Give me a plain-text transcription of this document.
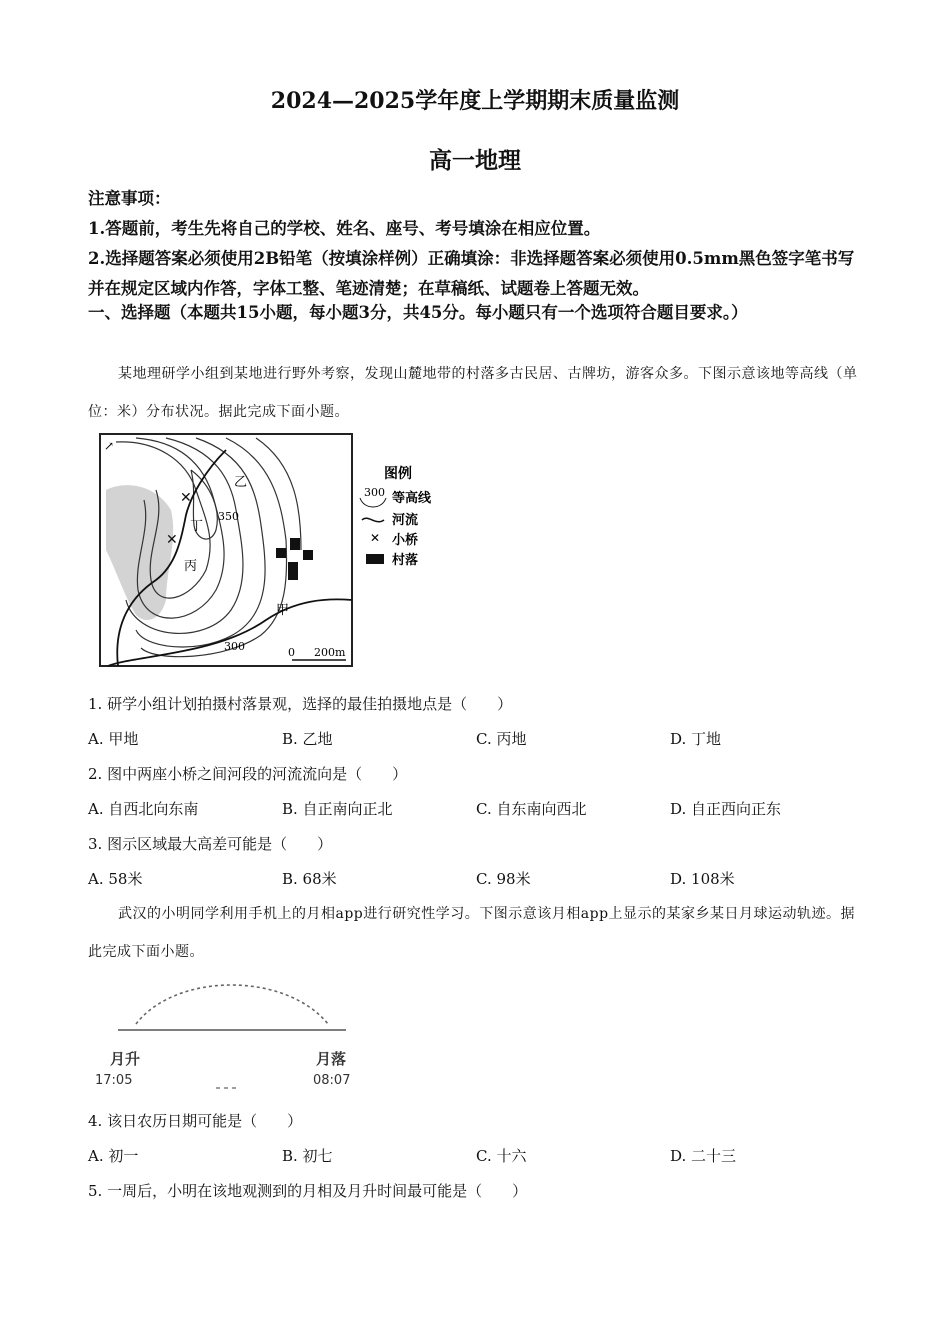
2024—2025学年度上学期期末质量监测
高一地理
注意事项：
1.答题前，考生先将自己的学校、姓名、座号、考号填涂在相应位置。
2.选择题答案必须使用2B铅笔（按填涂样例）正确填涂：非选择题答案必须使用0.5mm黑色签字笔书写并在规定区域内作答，字体工整、笔迹清楚；在草稿纸、试题卷上答题无效。
一、选择题（本题共15小题，每小题3分，共45分。每小题只有一个选项符合题目要求。）
某地理研学小组到某地进行野外考察，发现山麓地带的村落多古民居、古牌坊，游客众多。下图示意该地等高线（单位：米）分布状况。据此完成下面小题。
✕
✕
乙
丁
丙
甲
350
300	0 200m
↗
图例
300 等高线
河流
✕ 小桥
村落
1. 研学小组计划拍摄村落景观，选择的最佳拍摄地点是（　　）
A. 甲地	B. 乙地	C. 丙地	D. 丁地
2. 图中两座小桥之间河段的河流流向是（　　）
A. 自西北向东南	B. 自正南向正北	C. 自东南向西北	D. 自正西向正东
3. 图示区域最大高差可能是（　　）
A. 58米	B. 68米	C. 98米	D. 108米
武汉的小明同学利用手机上的月相app进行研究性学习。下图示意该月相app上显示的某家乡某日月球运动轨迹。据此完成下面小题。
月升
17:05
月落
08:07
4. 该日农历日期可能是（　　）
A. 初一	B. 初七	C. 十六	D. 二十三
5. 一周后，小明在该地观测到的月相及月升时间最可能是（　　）
